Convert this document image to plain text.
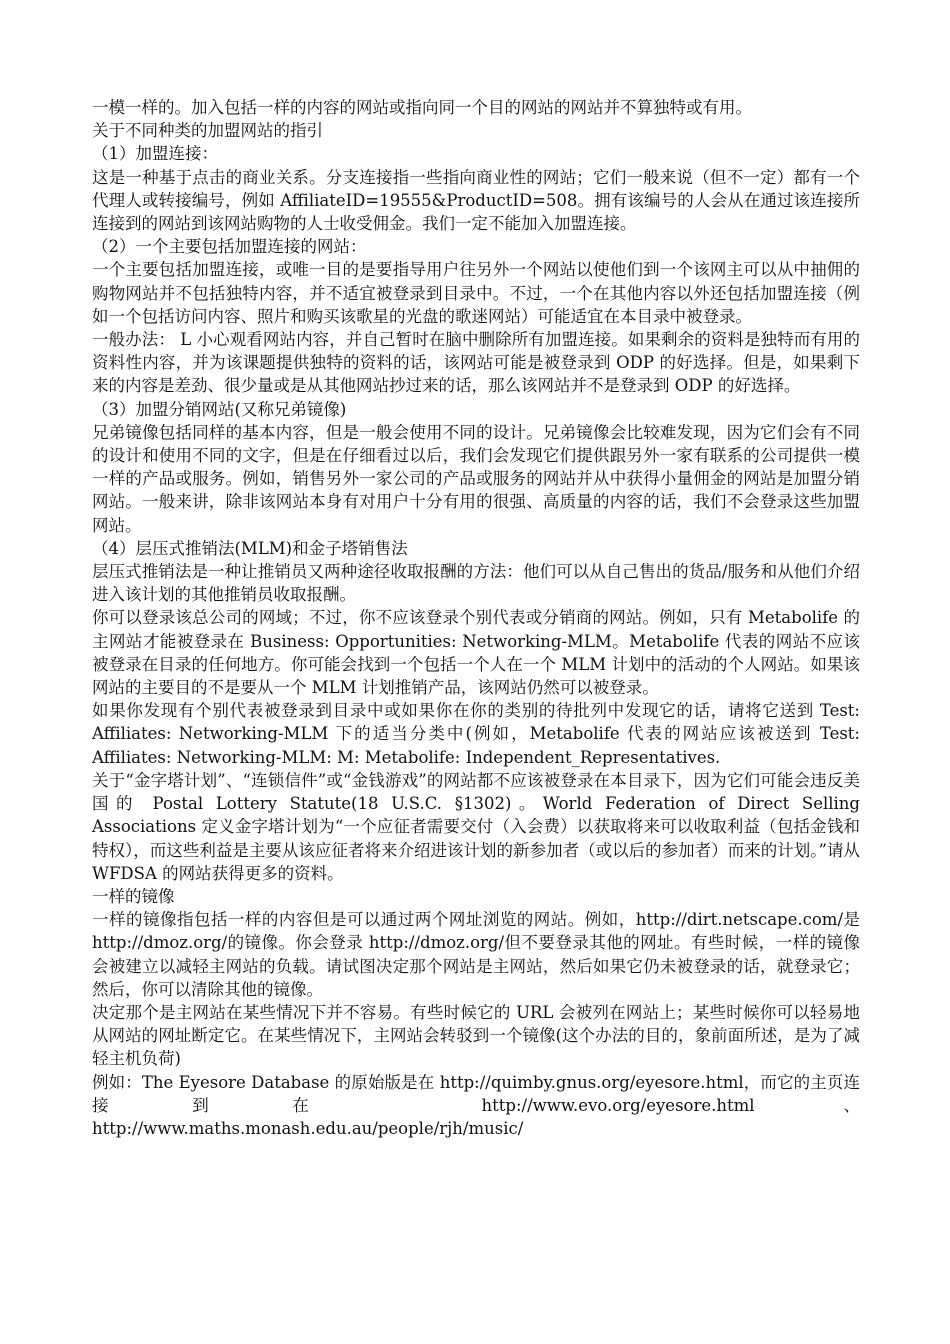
一模一样的。加入包括一样的内容的网站或指向同一个目的网站的网站并不算独特或有用。

关于不同种类的加盟网站的指引

（1）加盟连接：

这是一种基于点击的商业关系。分支连接指一些指向商业性的网站；它们一般来说（但不一定）都有一个代理人或转接编号，例如 AffiliateID=19555&ProductID=508。拥有该编号的人会从在通过该连接所连接到的网站到该网站购物的人士收受佣金。我们一定不能加入加盟连接。

（2）一个主要包括加盟连接的网站：

一个主要包括加盟连接，或唯一目的是要指导用户往另外一个网站以使他们到一个该网主可以从中抽佣的购物网站并不包括独特内容，并不适宜被登录到目录中。不过，一个在其他内容以外还包括加盟连接（例如一个包括访问内容、照片和购买该歌星的光盘的歌迷网站）可能适宜在本目录中被登录。

一般办法： L 小心观看网站内容，并自己暂时在脑中删除所有加盟连接。如果剩余的资料是独特而有用的资料性内容，并为该课题提供独特的资料的话，该网站可能是被登录到 ODP 的好选择。但是，如果剩下来的内容是差劲、很少量或是从其他网站抄过来的话，那么该网站并不是登录到 ODP 的好选择。

（3）加盟分销网站(又称兄弟镜像)

兄弟镜像包括同样的基本内容，但是一般会使用不同的设计。兄弟镜像会比较难发现，因为它们会有不同的设计和使用不同的文字，但是在仔细看过以后，我们会发现它们提供跟另外一家有联系的公司提供一模一样的产品或服务。例如，销售另外一家公司的产品或服务的网站并从中获得小量佣金的网站是加盟分销网站。一般来讲，除非该网站本身有对用户十分有用的很强、高质量的内容的话，我们不会登录这些加盟网站。

（4）层压式推销法(MLM)和金子塔销售法

层压式推销法是一种让推销员又两种途径收取报酬的方法：他们可以从自己售出的货品/服务和从他们介绍进入该计划的其他推销员收取报酬。

你可以登录该总公司的网域；不过，你不应该登录个别代表或分销商的网站。例如，只有 Metabolife 的主网站才能被登录在 Business: Opportunities: Networking-MLM。Metabolife 代表的网站不应该被登录在目录的任何地方。你可能会找到一个包括一个人在一个 MLM 计划中的活动的个人网站。如果该网站的主要目的不是要从一个 MLM 计划推销产品，该网站仍然可以被登录。

如果你发现有个别代表被登录到目录中或如果你在你的类别的待批列中发现它的话，请将它送到 Test: Affiliates: Networking-MLM 下的适当分类中(例如，Metabolife 代表的网站应该被送到 Test: Affiliates: Networking-MLM: M: Metabolife: Independent_Representatives.

关于“金字塔计划”、“连锁信件”或“金钱游戏”的网站都不应该被登录在本目录下，因为它们可能会违反美国的 Postal Lottery Statute(18 U.S.C. §1302)。World Federation of Direct Selling Associations 定义金字塔计划为“一个应征者需要交付（入会费）以获取将来可以收取利益（包括金钱和特权），而这些利益是主要从该应征者将来介绍进该计划的新参加者（或以后的参加者）而来的计划。”请从 WFDSA 的网站获得更多的资料。

一样的镜像

一样的镜像指包括一样的内容但是可以通过两个网址浏览的网站。例如，http://dirt.netscape.com/是 http://dmoz.org/的镜像。你会登录 http://dmoz.org/但不要登录其他的网址。有些时候，一样的镜像会被建立以减轻主网站的负载。请试图决定那个网站是主网站，然后如果它仍未被登录的话，就登录它；然后，你可以清除其他的镜像。

决定那个是主网站在某些情况下并不容易。有些时候它的 URL 会被列在网站上；某些时候你可以轻易地从网站的网址断定它。在某些情况下，主网站会转驳到一个镜像(这个办法的目的，象前面所述，是为了减轻主机负荷)

例如：The Eyesore Database 的原始版是在 http://quimby.gnus.org/eyesore.html，而它的主页连接到在 http://www.evo.org/eyesore.html 、 http://www.maths.monash.edu.au/people/rjh/music/
